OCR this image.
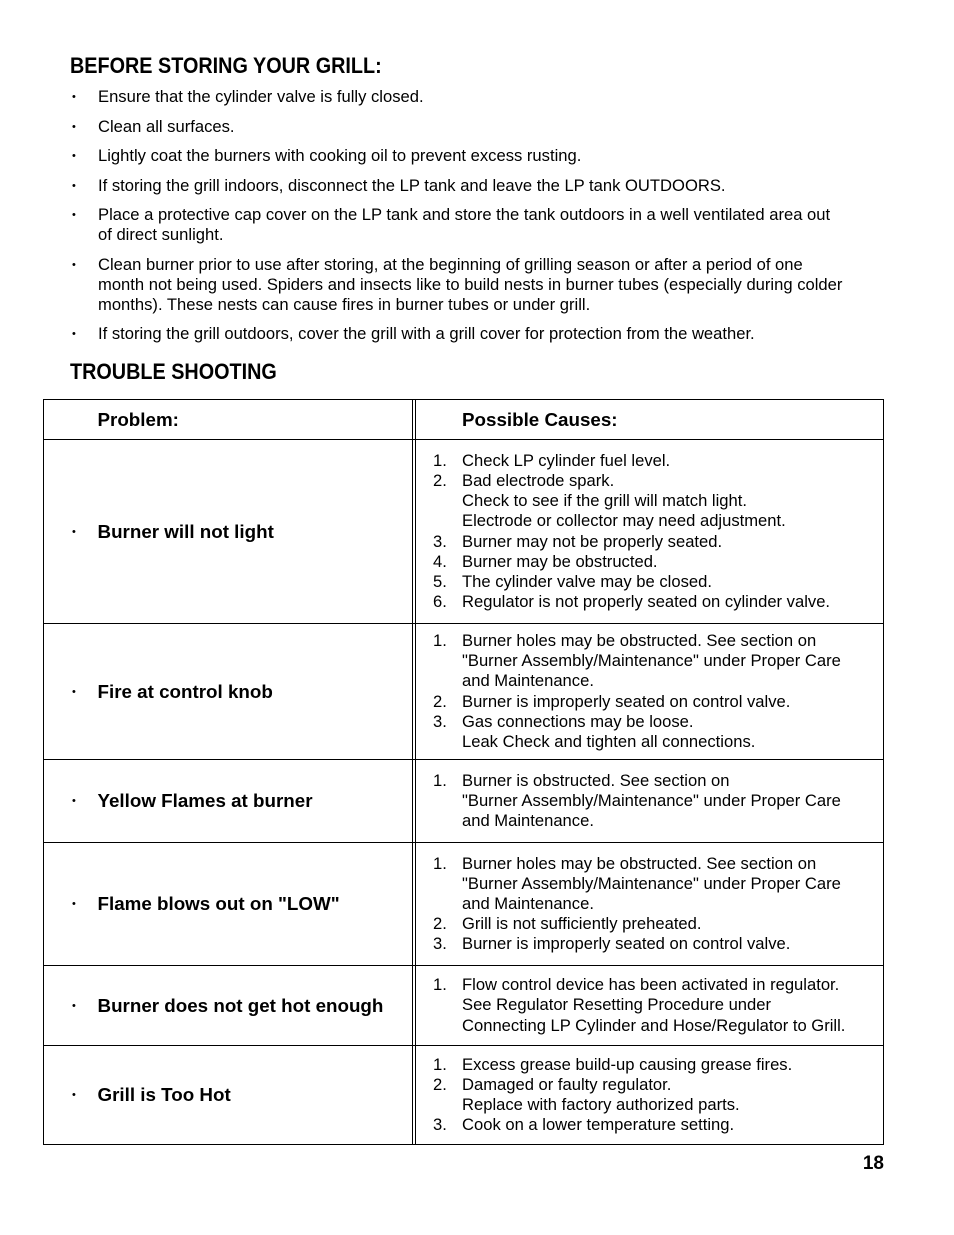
BEFORE STORING YOUR GRILL:
•
Ensure that the cylinder valve is fully closed.
•
Clean all surfaces.
•
Lightly coat the burners with cooking oil to prevent excess rusting.
•
If storing the grill indoors, disconnect the LP tank and leave the LP tank OUTDOORS.
•
Place a protective cap cover on the LP tank and store the tank outdoors in a well ventilated area out
of direct sunlight.
•
Clean burner prior to use after storing, at the beginning of grilling season or after a period of one
month not being used. Spiders and insects like to build nests in burner tubes (especially during colder
months). These nests can cause fires in burner tubes or under grill.
•
If storing the grill outdoors, cover the grill with a grill cover for protection from the weather.
TROUBLE SHOOTING
Problem:	Possible Causes:
•
Burner will not light
1. Check LP cylinder fuel level.
2. Bad electrode spark.
Check to see if the grill will match light.
Electrode or collector may need adjustment.
3. Burner may not be properly seated.
4. Burner may be obstructed.
5. The cylinder valve may be closed.
6. Regulator is not properly seated on cylinder valve.
•
Fire at control knob
1. Burner holes may be obstructed. See section on
"Burner Assembly/Maintenance" under Proper Care
and Maintenance.
2. Burner is improperly seated on control valve.
3. Gas connections may be loose.
Leak Check and tighten all connections.
•
Yellow Flames at burner
1. Burner is obstructed. See section on
"Burner Assembly/Maintenance" under Proper Care
and Maintenance.
•
Flame blows out on "LOW"
1. Burner holes may be obstructed. See section on
"Burner Assembly/Maintenance" under Proper Care
and Maintenance.
2. Grill is not sufficiently preheated.
3. Burner is improperly seated on control valve.
•
Burner does not get hot enough
1. Flow control device has been activated in regulator.
See Regulator Resetting Procedure under
Connecting LP Cylinder and Hose/Regulator to Grill.
•
Grill is Too Hot
1. Excess grease build-up causing grease fires.
2. Damaged or faulty regulator.
Replace with factory authorized parts.
3. Cook on a lower temperature setting.
18
